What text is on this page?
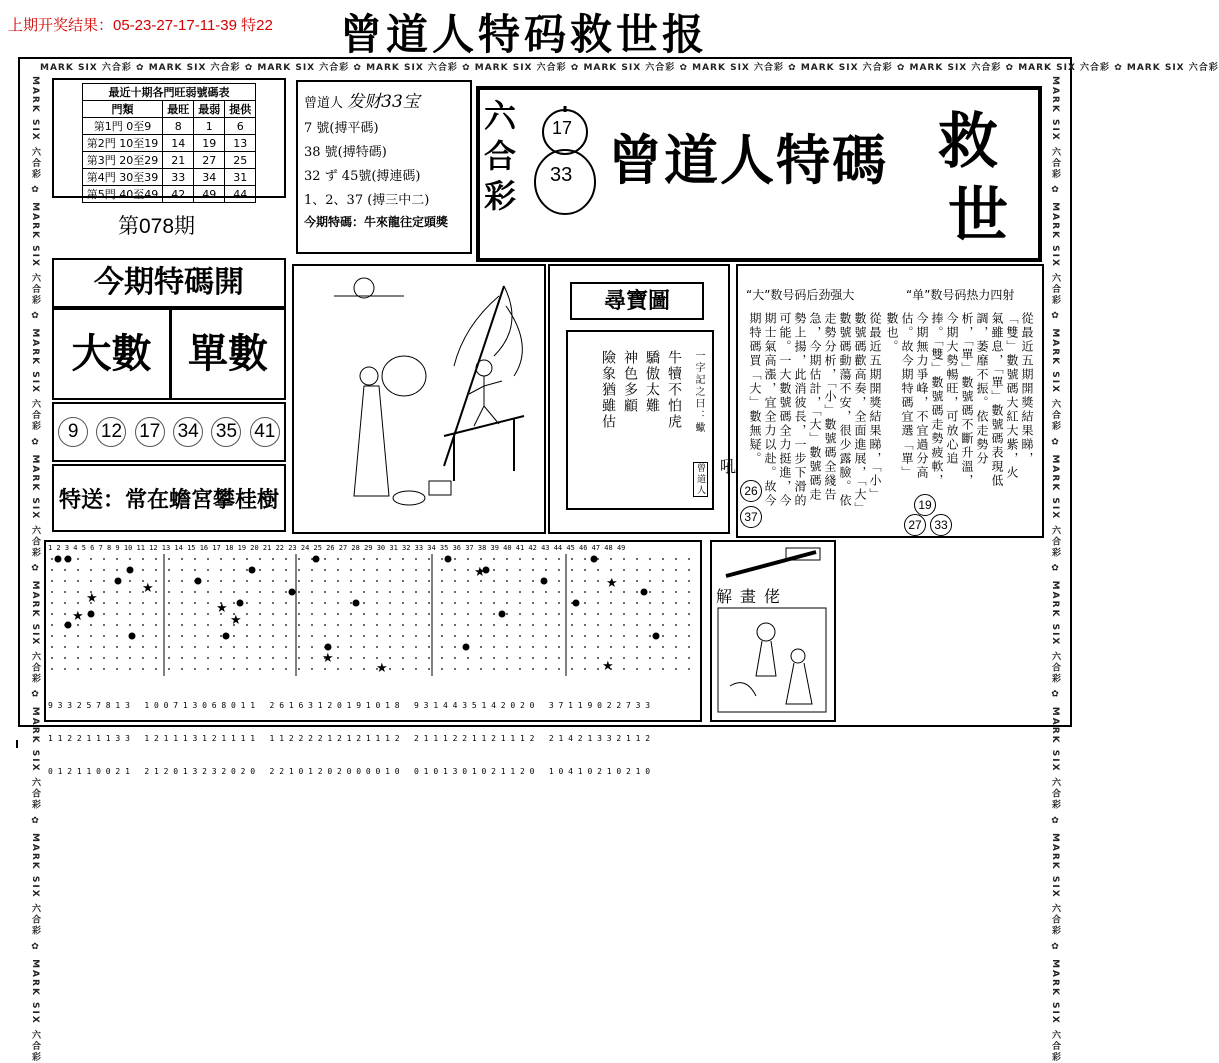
上期开奖结果：05-23-27-17-11-39 特22 曾道人特码救世报
MARK SIX 六合彩 ✿ MARK SIX 六合彩 ✿ MARK SIX 六合彩 ✿ MARK SIX 六合彩 ✿ MARK SIX 六合彩 ✿ MARK SIX 六合彩 ✿ MARK SIX 六合彩 ✿ MARK SIX 六合彩 ✿ MARK SIX 六合彩 ✿ MARK SIX 六合彩 ✿ MARK SIX 六合彩
MARK SIX 六合彩 ✿ MARK SIX 六合彩 ✿ MARK SIX 六合彩 ✿ MARK SIX 六合彩 ✿ MARK SIX 六合彩 ✿ MARK SIX 六合彩 ✿ MARK SIX 六合彩 ✿ MARK SIX 六合彩
MARK SIX 六合彩 ✿ MARK SIX 六合彩 ✿ MARK SIX 六合彩 ✿ MARK SIX 六合彩 ✿ MARK SIX 六合彩 ✿ MARK SIX 六合彩 ✿ MARK SIX 六合彩 ✿ MARK SIX 六合彩
最近十期各門旺弱號碼表			
門類	最旺	最弱	提供
第1門 0至9	8	1	6
第2門 10至19	14	19	13
第3門 20至29	21	27	25
第4門 30至39	33	34	31
第5門 40至49	42	49	44
第078期
曾道人 发财33宝
7 號(搏平碼)
38 號(搏特碼)
32 ず 45號(搏連碼)
1、2、37 (搏三中二)
今期特碼：牛來龍往定頭獎
六合彩
17
33 曾道人特碼 救
世
今期特碼開
大數 單數
9	12 17 34 35 41
特送：常在蟾宮攀桂樹
尋寶圖
一字記之曰：蠍
牛犢不怕虎
驕傲太難
神色多顧
險象猶雖估
曾道人 吼
“大”数号码后劲强大	“单”数号码热力四射
從最近五期開獎結果睇，「小」數號碼歡高奏，全面進展，「大」數號碼動蕩不安，很少露臉。依走勢分析，「小」數號碼全綫告急，今期估計，「大」數號碼走勢上揚，此消彼長，一步下滑的可能。一大數號碼全力挺進，今期士氣高漲，宜全力以赴。故今期特碼買「大」數無疑。	從最近五期開獎結果睇，「雙」數號碼大紅大紫，火氣雖息，「單」數號碼表現低調，萎靡不振。依走勢分析，「單」數號碼不斷升溫，今期大勢暢旺，可放心追捧。「雙」數號碼走勢疲軟，今期無力爭峰，不宜過分高估。故今期特碼宜選「單」數也。
26
37
19
27	33
1 2 3 4 5 6 7 8 9 10 11 12 13 14 15 16 17 18 19 20 21 22 23 24 25 26 27 28 29 30 31 32 33 34 35 36 37 38 39 40 41 42 43 44 45 46 47 48 49
★
★
★
★
★
★
★
★
★
★

9 3 3 2 5 7 8 1 3   1 0 0 7 1 3 0 6 8 0 1 1   2 6 1 6 3 1 2 0 1 9 1 0 1 8   9 3 1 4 4 3 5 1 4 2 0 2 0   3 7 1 1 9 0 2 2 7 3 3

1 1 2 2 1 1 1 3 3   1 2 1 1 1 3 1 2 1 1 1 1   1 1 2 2 2 2 1 2 1 2 1 1 1 2   2 1 1 1 2 2 1 1 2 1 1 1 2   2 1 4 2 1 3 3 2 1 1 2

0 1 2 1 1 0 0 2 1   2 1 2 0 1 3 2 3 2 0 2 0   2 2 1 0 1 2 0 2 0 0 0 0 1 0   0 1 0 1 3 0 1 0 2 1 1 2 0   1 0 4 1 0 2 1 0 2 1 0

解畫佬
